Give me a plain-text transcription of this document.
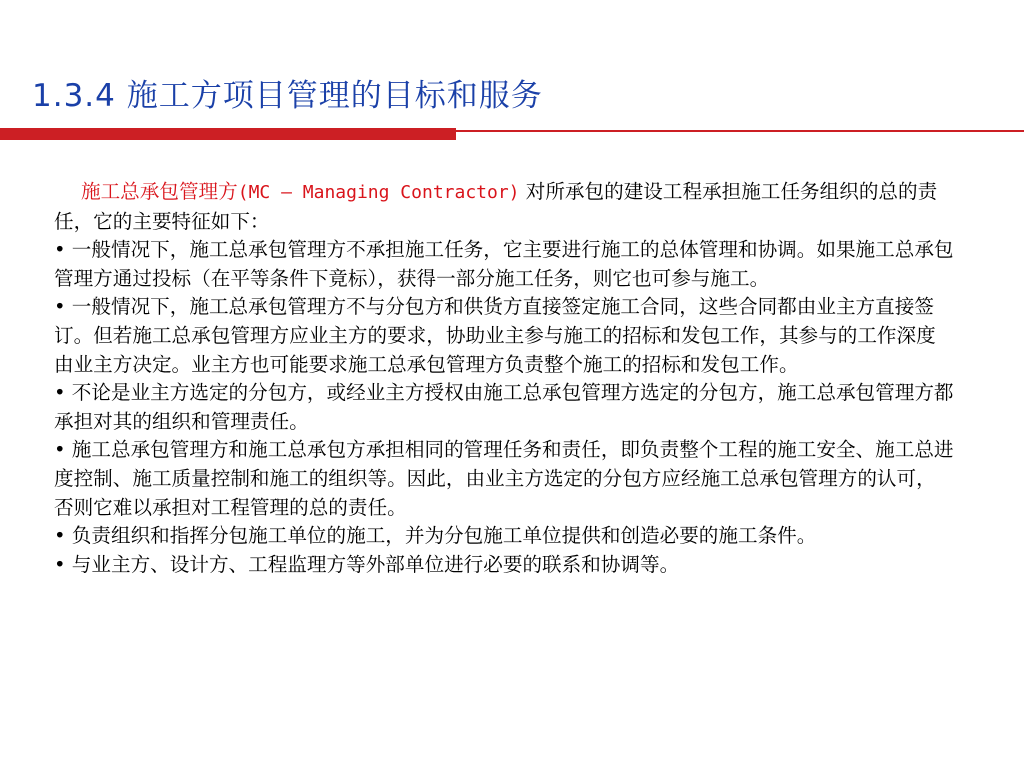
1.3.4 施工方项目管理的目标和服务

施工总承包管理方(MC – Managing Contractor) 对所承包的建设工程承担施工任务组织的总的责任，它的主要特征如下：

• 一般情况下，施工总承包管理方不承担施工任务，它主要进行施工的总体管理和协调。如果施工总承包管理方通过投标（在平等条件下竟标），获得一部分施工任务，则它也可参与施工。

• 一般情况下，施工总承包管理方不与分包方和供货方直接签定施工合同，这些合同都由业主方直接签订。但若施工总承包管理方应业主方的要求，协助业主参与施工的招标和发包工作，其参与的工作深度由业主方决定。业主方也可能要求施工总承包管理方负责整个施工的招标和发包工作。

• 不论是业主方选定的分包方，或经业主方授权由施工总承包管理方选定的分包方，施工总承包管理方都承担对其的组织和管理责任。

• 施工总承包管理方和施工总承包方承担相同的管理任务和责任，即负责整个工程的施工安全、施工总进度控制、施工质量控制和施工的组织等。因此，由业主方选定的分包方应经施工总承包管理方的认可，否则它难以承担对工程管理的总的责任。

• 负责组织和指挥分包施工单位的施工，并为分包施工单位提供和创造必要的施工条件。

• 与业主方、设计方、工程监理方等外部单位进行必要的联系和协调等。
